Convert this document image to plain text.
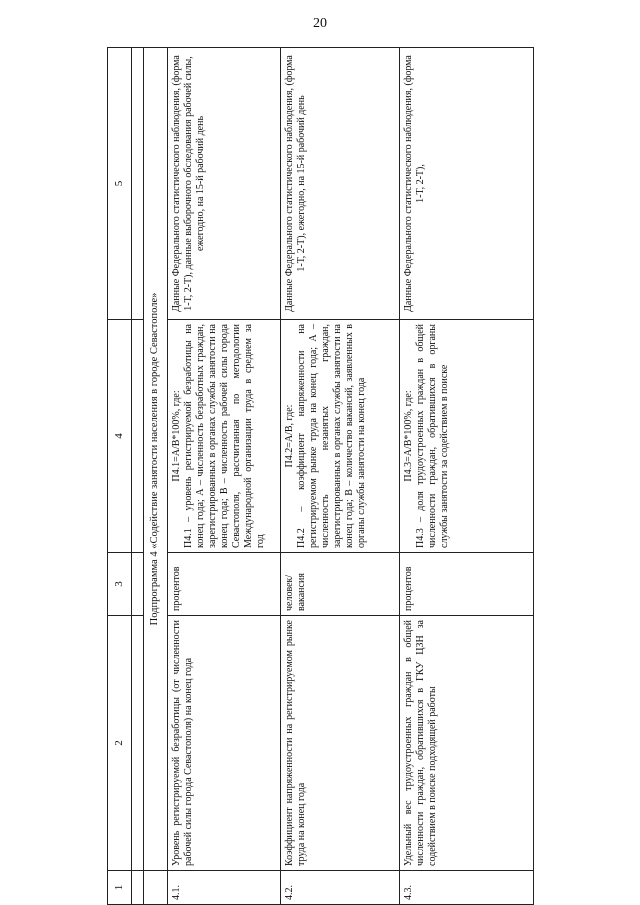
20
1	2	3	4	5

	Подпрограмма 4 «Содействие занятости населения в городе Севастополе»			
4.1.	Уровень регистрируемой безработицы (от численности рабочей силы города Севастополя) на конец года	процентов	П4.1=А/В*100%, где: П4.1 – уровень регистрируемой безработицы на конец года; А – численность безработных граждан, зарегистрированных в органах службы занятости на конец года; В – численность рабочей силы города Севастополя, рассчитанная по методологии Международной организации труда в среднем за год	Данные Федерального статистического наблюдения, (форма 1-Т, 2-Т), данные выборочного обследования рабочей силы, ежегодно, на 15-й рабочий день
4.2.	Коэффициент напряженности на регистрируемом рынке труда на конец года	человек/ вакансия	П4.2=А/В, где: П4.2 – коэффициент напряженности на регистрируемом рынке труда на конец года; А – численность незанятых граждан, зарегистрированных в органах службы занятости на конец года; В – количество вакансий, заявленных в органы службы занятости на конец года	Данные Федерального статистического наблюдения, (форма 1-Т, 2-Т), ежегодно, на 15-й рабочий день
4.3.	Удельный вес трудоустроенных граждан в общей численности граждан, обратившихся в ГКУ ЦЗН за содействием в поиске подходящей работы	процентов	П4.3=А/В*100%, где: П4.3 – доля трудоустроенных граждан в общей численности граждан, обратившихся в органы службы занятости за содействием в поиске	Данные Федерального статистического наблюдения, (форма 1-Т, 2-Т),
